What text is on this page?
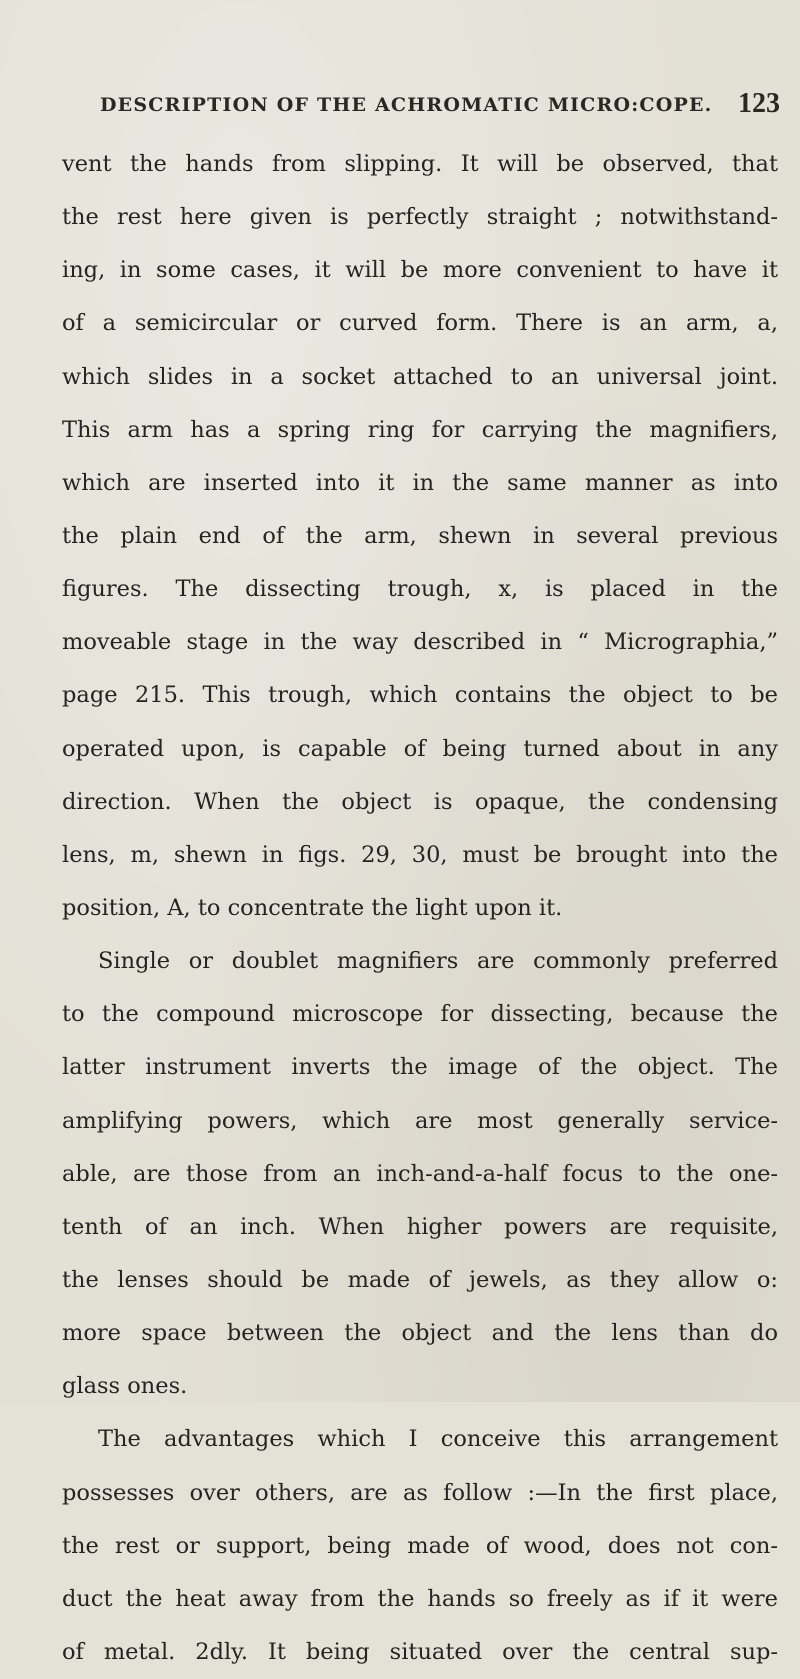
DESCRIPTION OF THE ACHROMATIC MICRO:COPE. 123
vent the hands from slipping. It will be observed, that
the rest here given is perfectly straight ; notwithstand-
ing, in some cases, it will be more convenient to have it
of a semicircular or curved form. There is an arm, a,
which slides in a socket attached to an universal joint.
This arm has a spring ring for carrying the magnifiers,
which are inserted into it in the same manner as into
the plain end of the arm, shewn in several previous
figures. The dissecting trough, x, is placed in the
moveable stage in the way described in “ Micrographia,”
page 215. This trough, which contains the object to be
operated upon, is capable of being turned about in any
direction. When the object is opaque, the condensing
lens, m, shewn in figs. 29, 30, must be brought into the
position, A, to concentrate the light upon it.
Single or doublet magnifiers are commonly preferred
to the compound microscope for dissecting, because the
latter instrument inverts the image of the object. The
amplifying powers, which are most generally service-
able, are those from an inch-and-a-half focus to the one-
tenth of an inch. When higher powers are requisite,
the lenses should be made of jewels, as they allow o:
more space between the object and the lens than do
glass ones.
The advantages which I conceive this arrangement
possesses over others, are as follow :—In the first place,
the rest or support, being made of wood, does not con-
duct the heat away from the hands so freely as if it were
of metal. 2dly. It being situated over the central sup-
